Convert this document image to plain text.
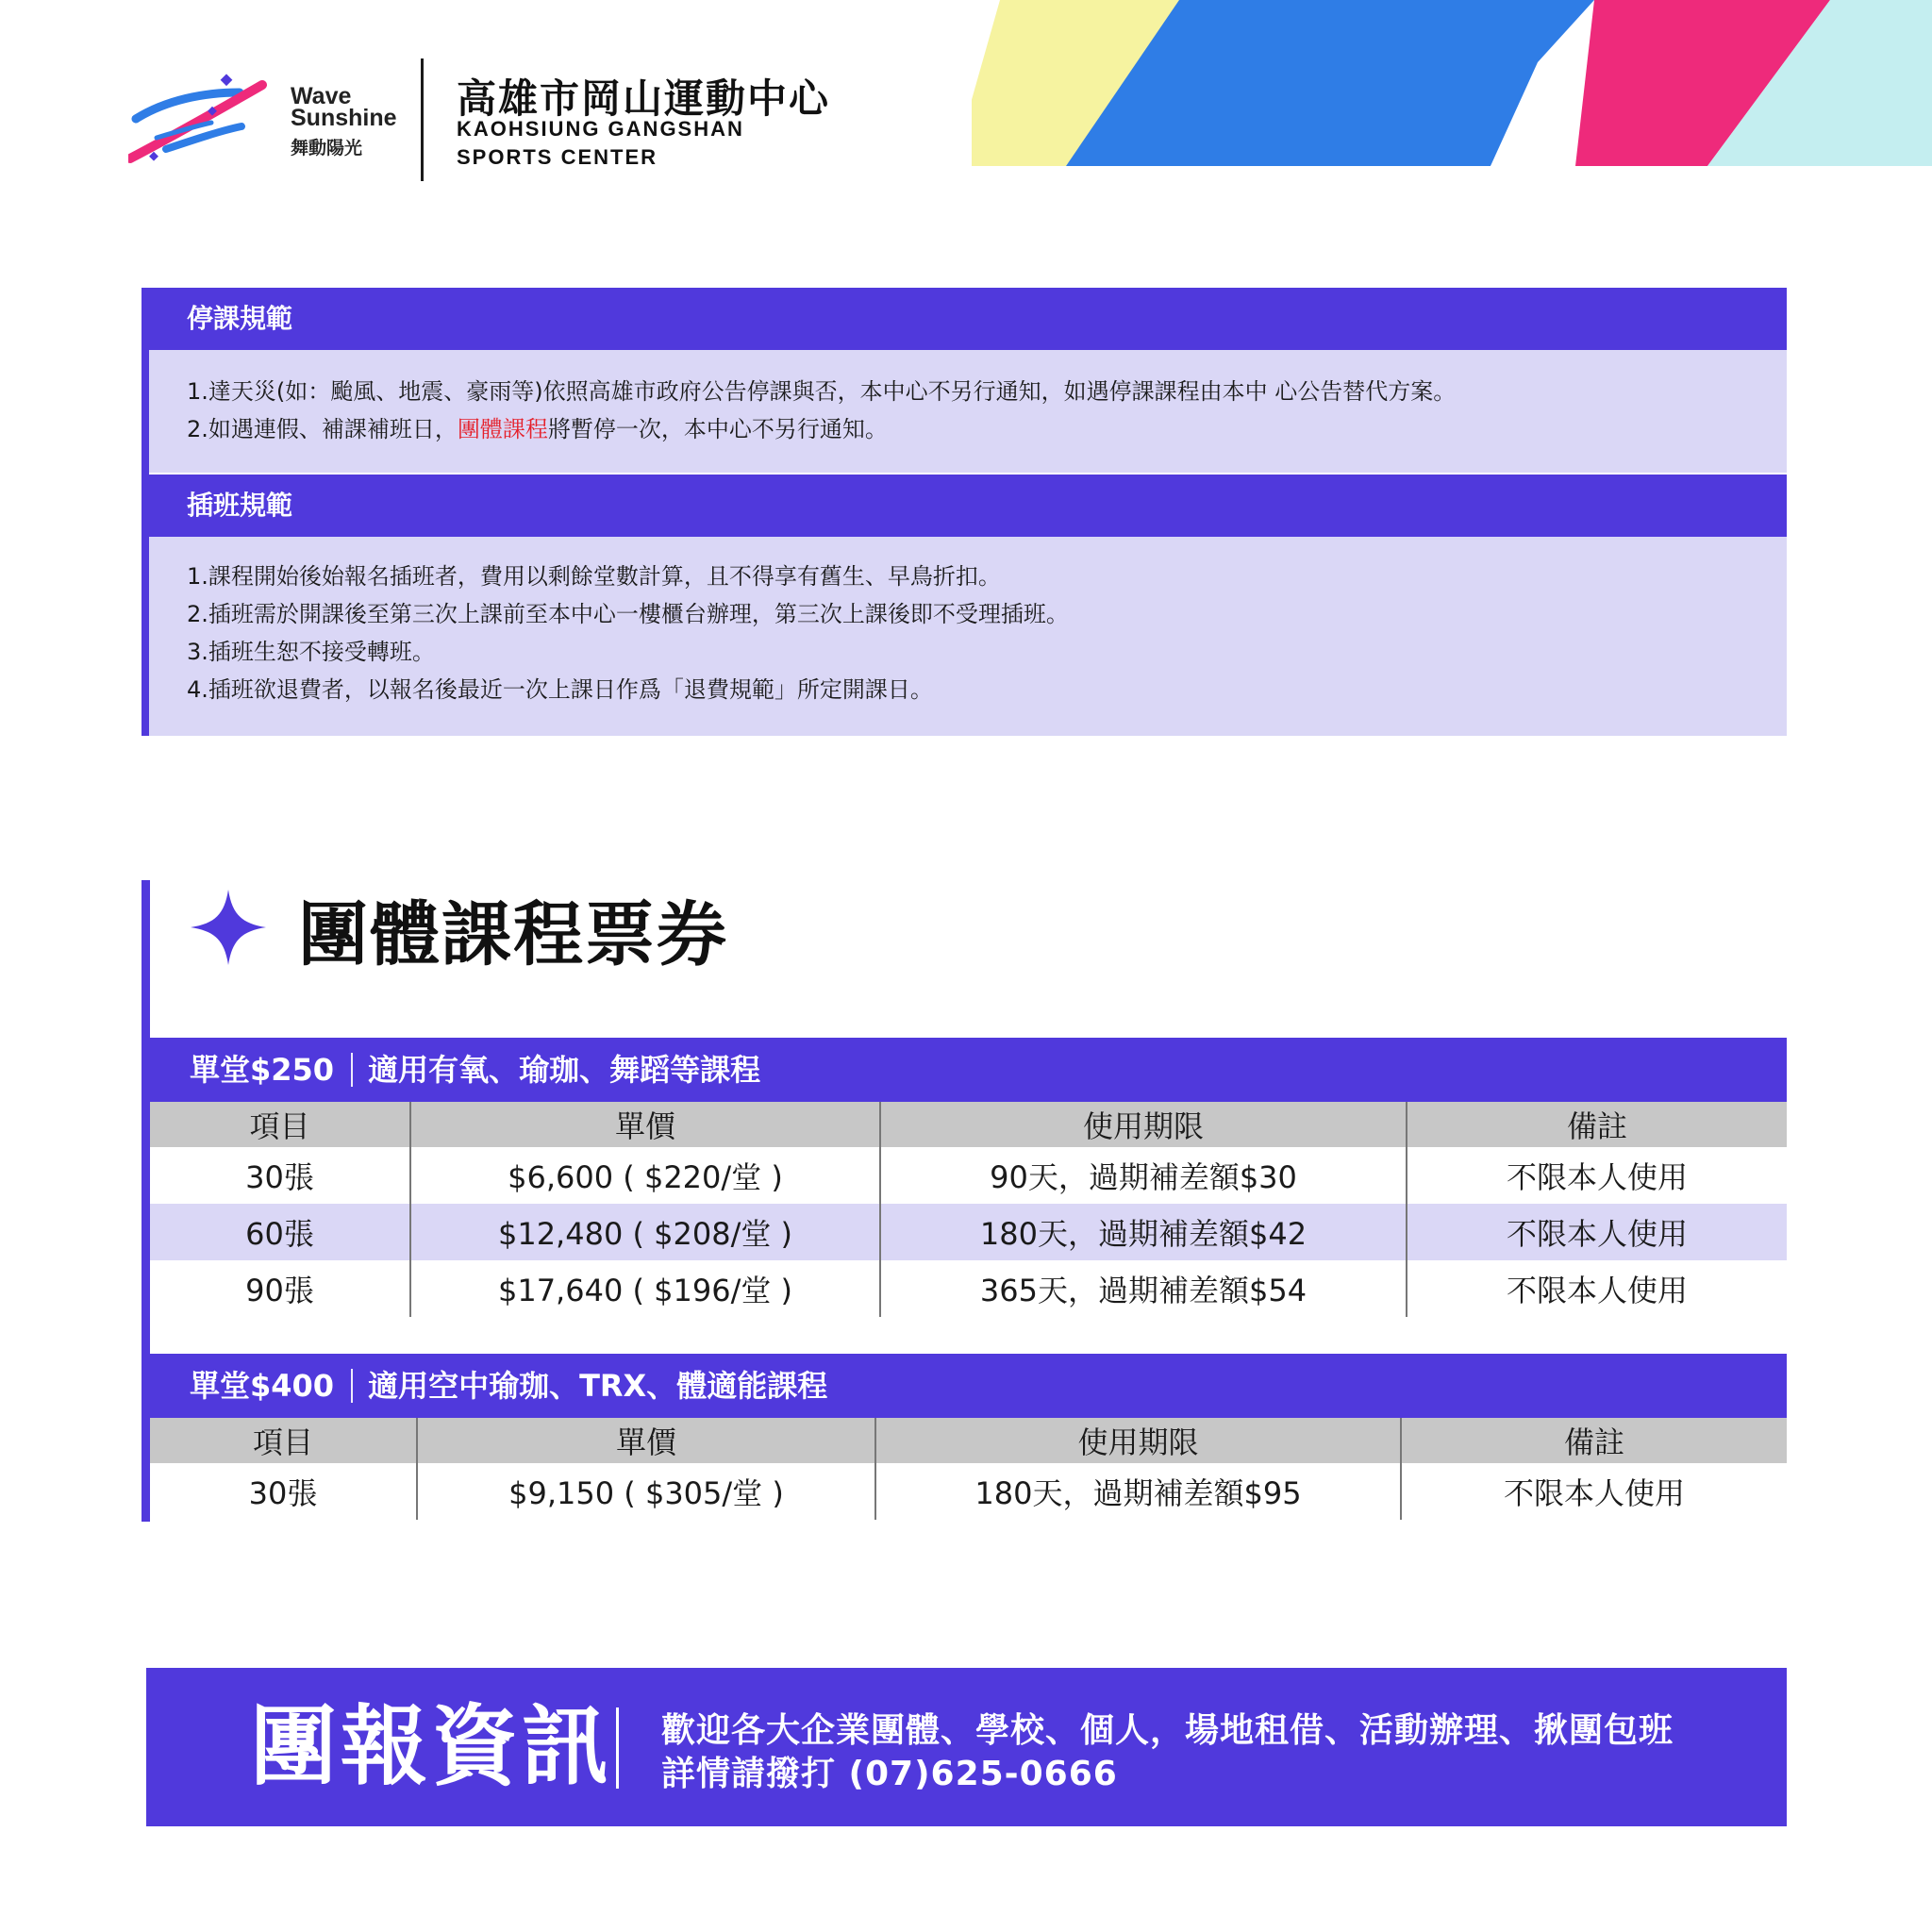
Wave
Sunshine
舞動陽光
高雄市岡山運動中心
KAOHSIUNG GANGSHAN
SPORTS CENTER
停課規範
1.達天災(如：颱風、地震、豪雨等)依照高雄市政府公告停課與否，本中心不另行通知，如遇停課課程由本中 心公告替代方案。
2.如遇連假、補課補班日，團體課程將暫停一次，本中心不另行通知。
插班規範
1.課程開始後始報名插班者，費用以剩餘堂數計算，且不得享有舊生、早鳥折扣。
2.插班需於開課後至第三次上課前至本中心一樓櫃台辦理，第三次上課後即不受理插班。
3.插班生恕不接受轉班。
4.插班欲退費者，以報名後最近一次上課日作爲「退費規範」所定開課日。
團體課程票券
單堂$250 適用有氧、瑜珈、舞蹈等課程
項目	單價	使用期限	備註
30張	$6,600 ( $220/堂 )	90天，過期補差額$30	不限本人使用
60張	$12,480 ( $208/堂 )	180天，過期補差額$42	不限本人使用
90張	$17,640 ( $196/堂 )	365天，過期補差額$54	不限本人使用
單堂$400 適用空中瑜珈、TRX、體適能課程
項目	單價	使用期限	備註
30張	$9,150 ( $305/堂 )	180天，過期補差額$95	不限本人使用
團報資訊 歡迎各大企業團體、學校、個人，場地租借、活動辦理、揪團包班
詳情請撥打 (07)625-0666
